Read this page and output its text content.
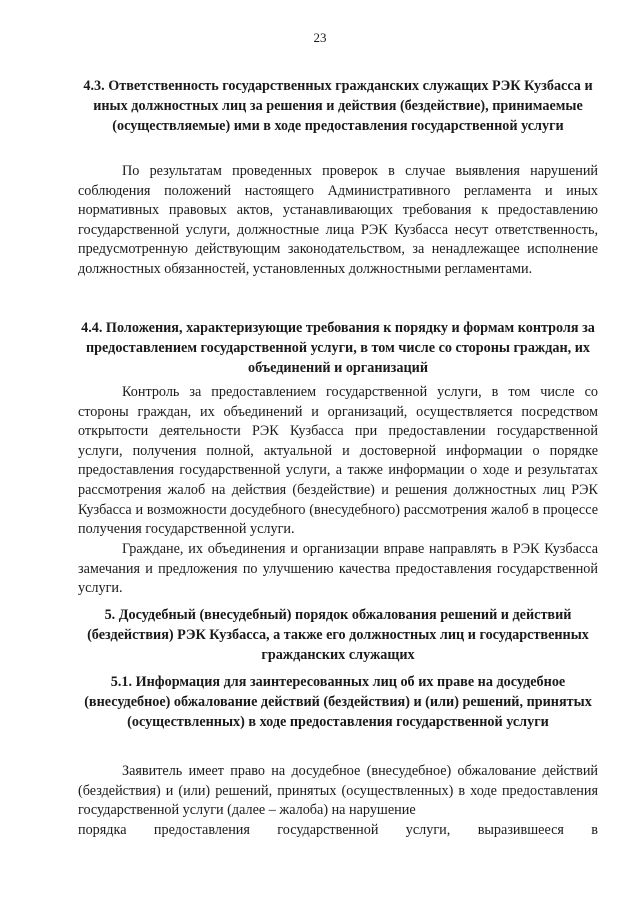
23
4.3. Ответственность государственных гражданских служащих РЭК Кузбасса и иных должностных лиц за решения и действия (бездействие), принимаемые (осуществляемые) ими в ходе предоставления государственной услуги
По результатам проведенных проверок в случае выявления нарушений соблюдения положений настоящего Административного регламента и иных нормативных правовых актов, устанавливающих требования к предоставлению государственной услуги, должностные лица РЭК Кузбасса несут ответственность, предусмотренную действующим законодательством, за ненадлежащее исполнение должностных обязанностей, установленных должностными регламентами.
4.4. Положения, характеризующие требования к порядку и формам контроля за предоставлением государственной услуги, в том числе со стороны граждан, их объединений и организаций
Контроль за предоставлением государственной услуги, в том числе со стороны граждан, их объединений и организаций, осуществляется посредством открытости деятельности РЭК Кузбасса при предоставлении государственной услуги, получения полной, актуальной и достоверной информации о порядке предоставления государственной услуги, а также информации о ходе и результатах рассмотрения жалоб на действия (бездействие) и решения должностных лиц РЭК Кузбасса и возможности досудебного (внесудебного) рассмотрения жалоб в процессе получения государственной услуги.
Граждане, их объединения и организации вправе направлять в РЭК Кузбасса замечания и предложения по улучшению качества предоставления государственной услуги.
5. Досудебный (внесудебный) порядок обжалования решений и действий (бездействия) РЭК Кузбасса, а также его должностных лиц и государственных гражданских служащих
5.1. Информация для заинтересованных лиц об их праве на досудебное (внесудебное) обжалование действий (бездействия) и (или) решений, принятых (осуществленных) в ходе предоставления государственной услуги
Заявитель имеет право на досудебное (внесудебное) обжалование действий (бездействия) и (или) решений, принятых (осуществленных) в ходе предоставления государственной услуги (далее – жалоба) на нарушение
порядка предоставления государственной услуги, выразившееся в
